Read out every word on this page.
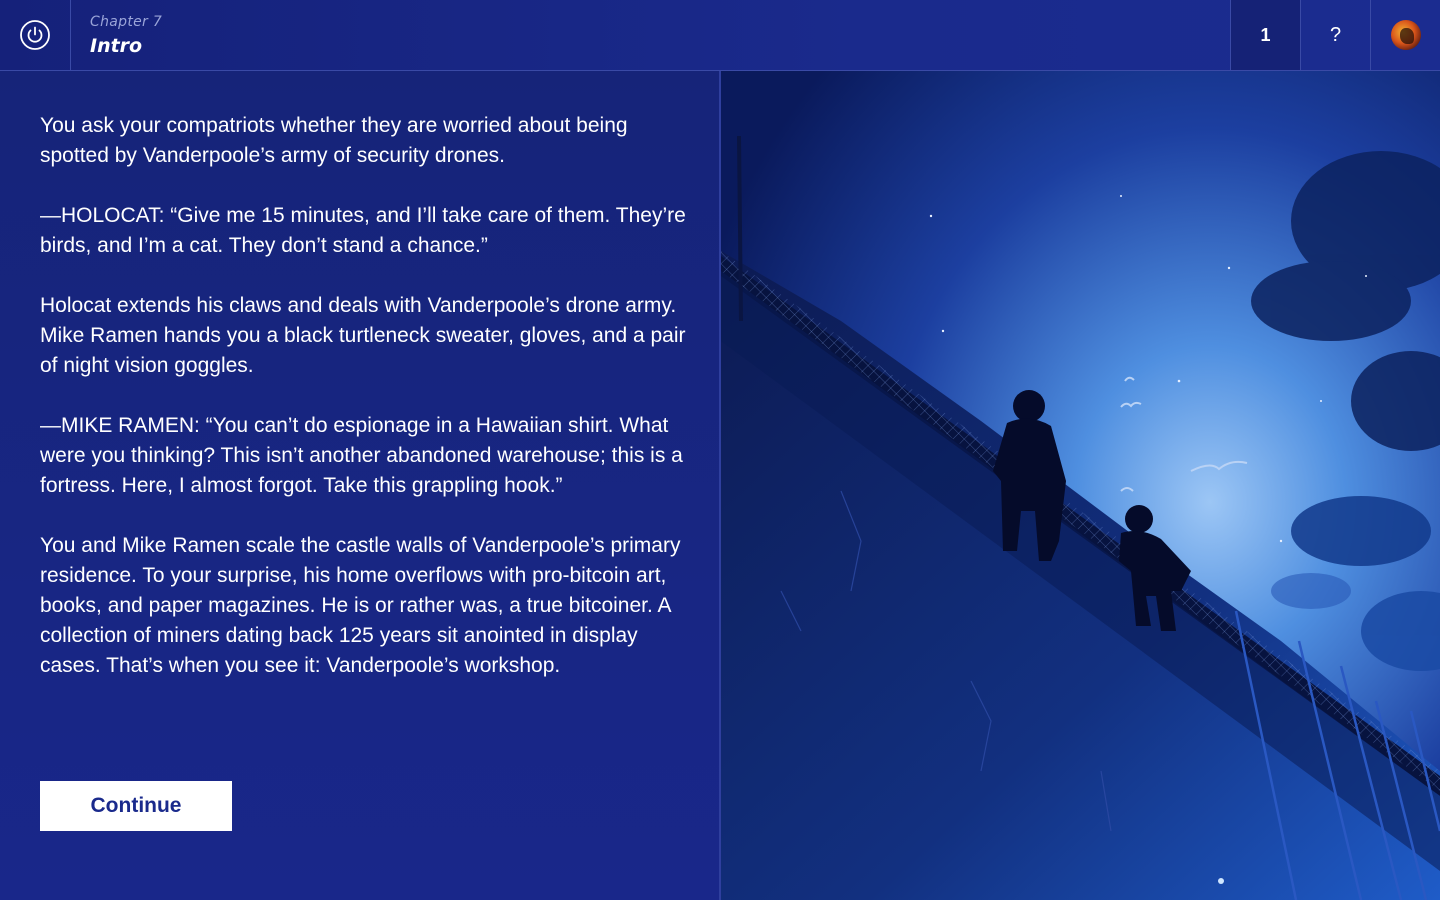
Chapter 7
Intro
1	?

You ask your compatriots whether they are worried about being spotted by Vanderpoole’s army of security drones.

—HOLOCAT: “Give me 15 minutes, and I’ll take care of them. They’re birds, and I’m a cat. They don’t stand a chance.”

Holocat extends his claws and deals with Vanderpoole’s drone army. Mike Ramen hands you a black turtleneck sweater, gloves, and a pair of night vision goggles.

—MIKE RAMEN: “You can’t do espionage in a Hawaiian shirt. What were you thinking? This isn’t another abandoned warehouse; this is a fortress. Here, I almost forgot. Take this grappling hook.”

You and Mike Ramen scale the castle walls of Vanderpoole’s primary residence. To your surprise, his home overflows with pro-bitcoin art, books, and paper magazines. He is or rather was, a true bitcoiner. A collection of miners dating back 125 years sit anointed in display cases. That’s when you see it: Vanderpoole’s workshop.

Continue
